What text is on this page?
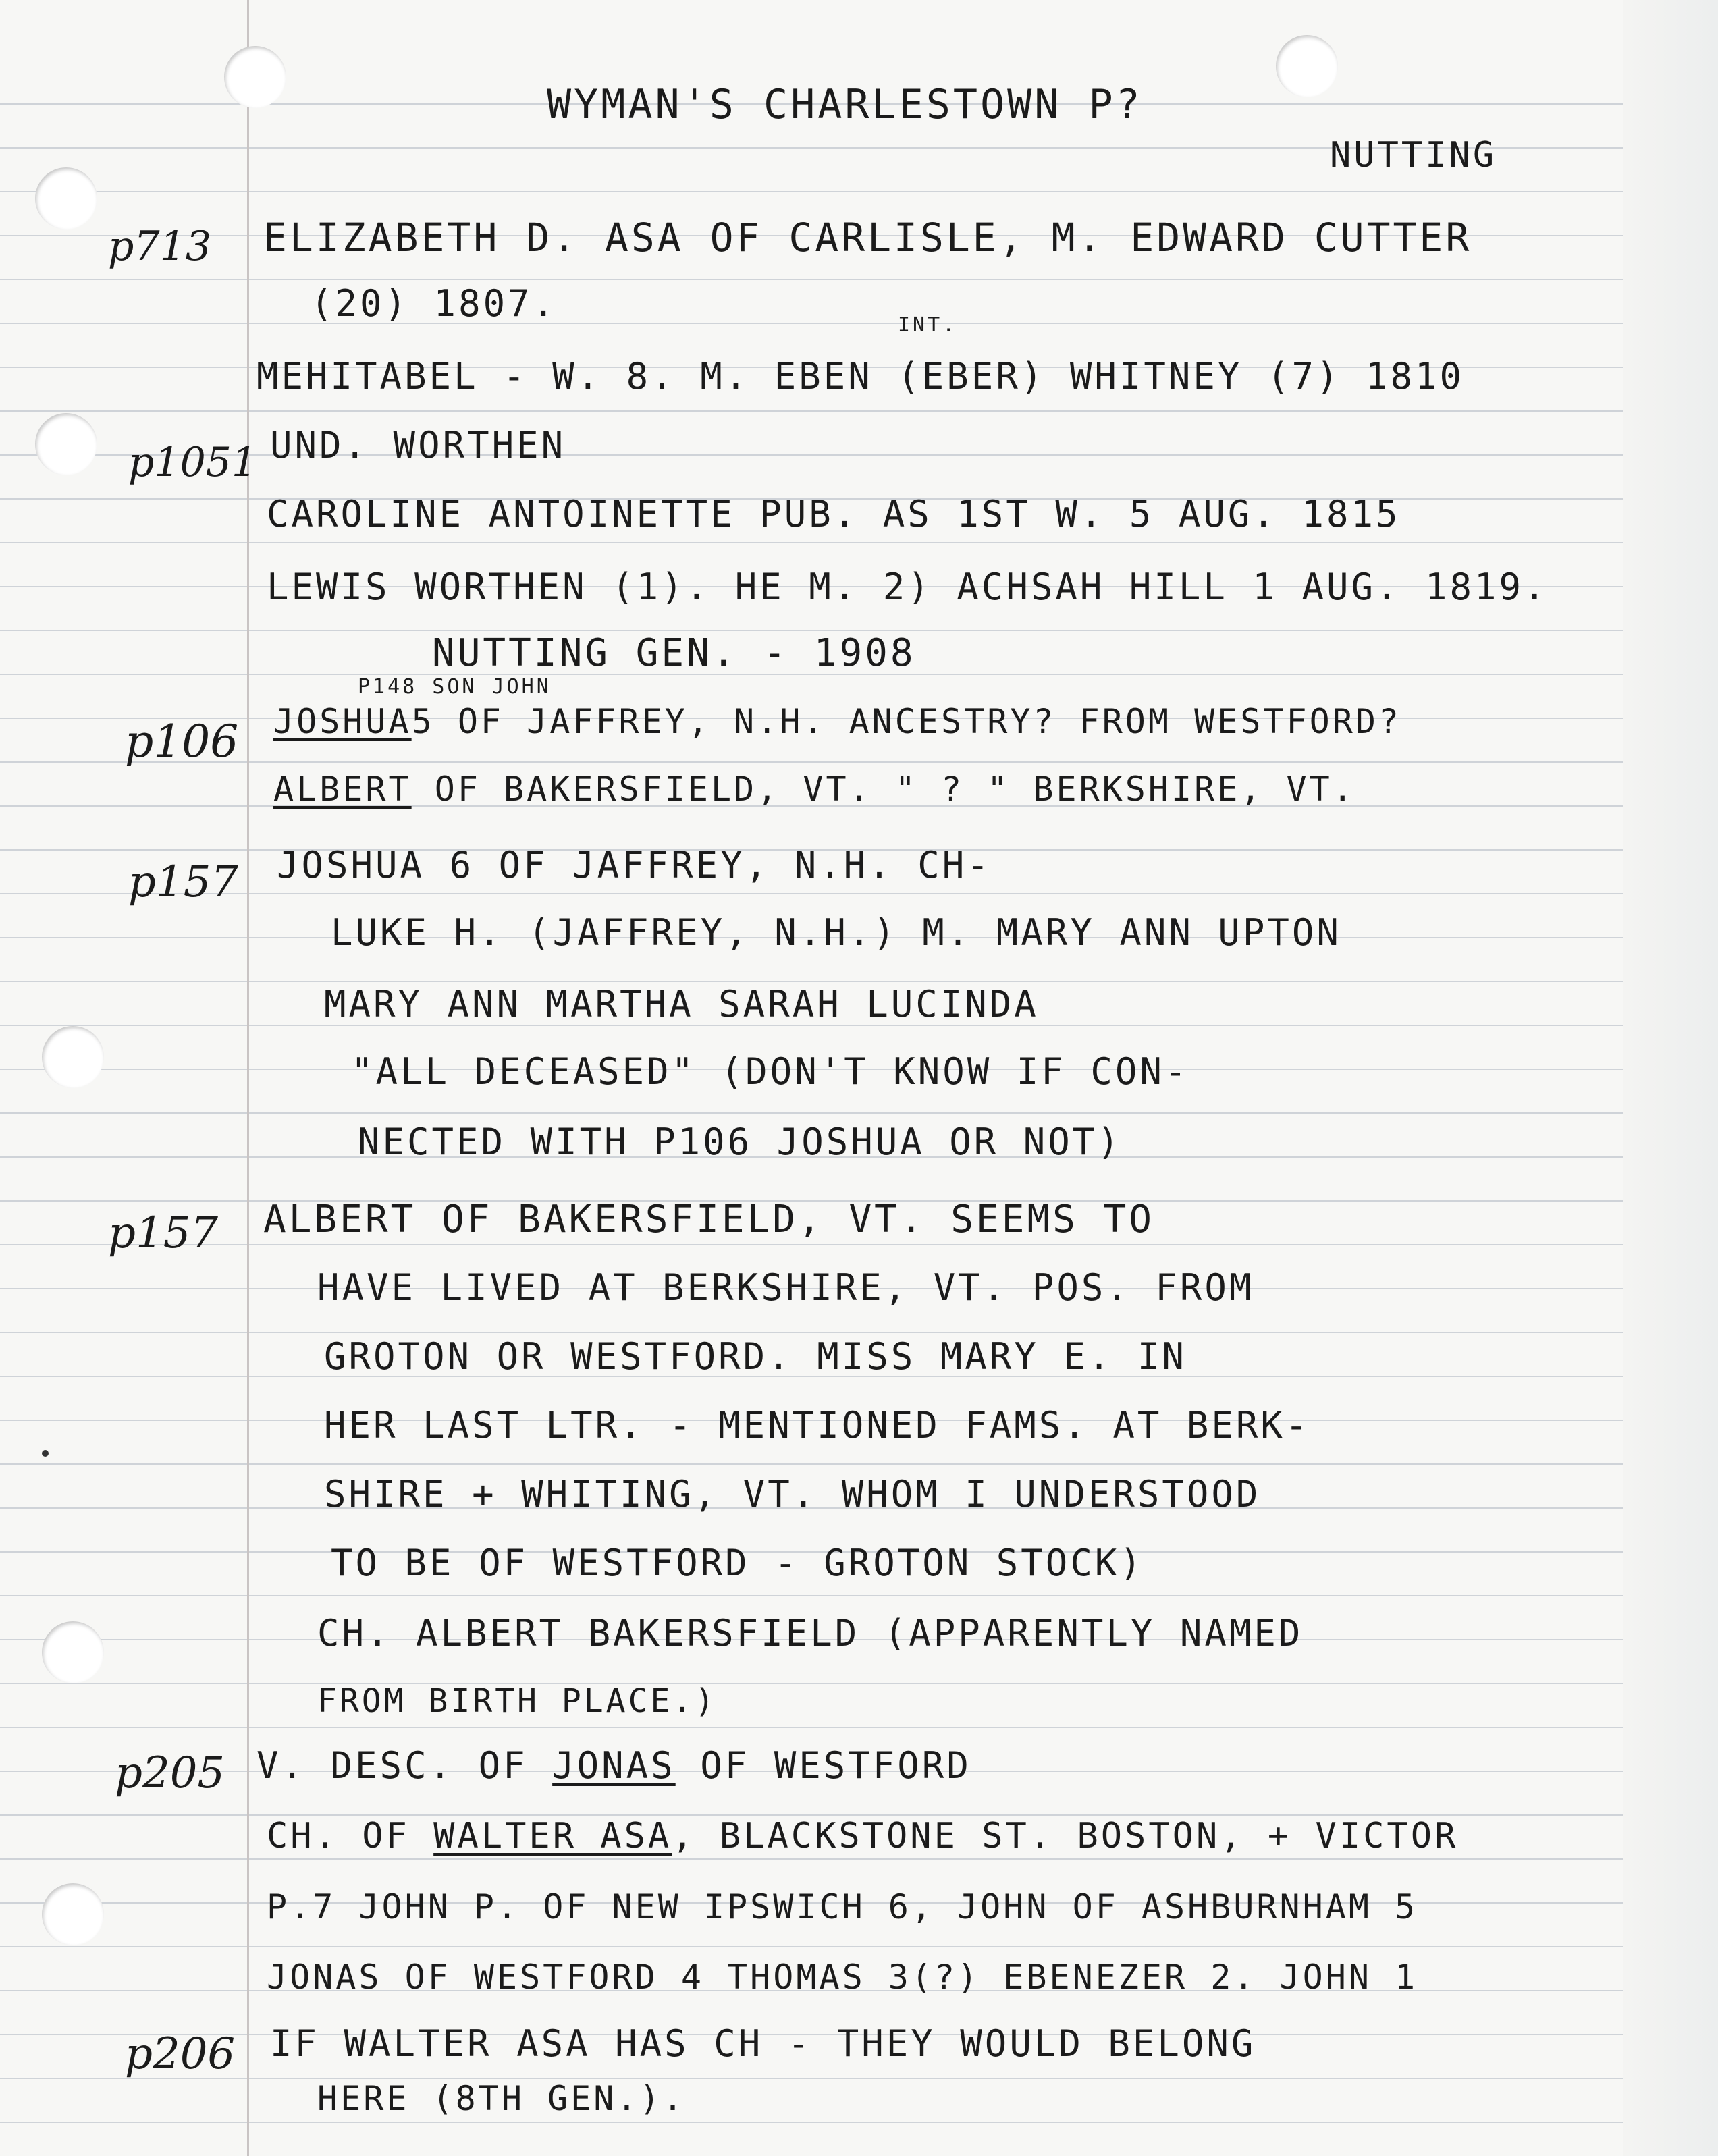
WYMAN'S CHARLESTOWN P?
NUTTING
p713 ELIZABETH D. ASA OF CARLISLE, M. EDWARD CUTTER
(20) 1807.
INT.
MEHITABEL - W. 8. M. EBEN (EBER) WHITNEY (7) 1810
p1051 UND. WORTHEN
CAROLINE ANTOINETTE PUB. AS 1ST W. 5 AUG. 1815
LEWIS WORTHEN (1). HE M. 2) ACHSAH HILL 1 AUG. 1819.
NUTTING GEN. - 1908
p106
P148 SON JOHN
JOSHUA5 OF JAFFREY, N.H. ANCESTRY? FROM WESTFORD?
ALBERT OF BAKERSFIELD, VT. " ? " BERKSHIRE, VT.
p157 JOSHUA 6 OF JAFFREY, N.H. CH-
LUKE H. (JAFFREY, N.H.) M. MARY ANN UPTON
MARY ANN MARTHA SARAH LUCINDA
"ALL DECEASED" (DON'T KNOW IF CON-
NECTED WITH P106 JOSHUA OR NOT)
p157 ALBERT OF BAKERSFIELD, VT. SEEMS TO
HAVE LIVED AT BERKSHIRE, VT. POS. FROM
GROTON OR WESTFORD. MISS MARY E. IN
HER LAST LTR. - MENTIONED FAMS. AT BERK-
SHIRE + WHITING, VT. WHOM I UNDERSTOOD
TO BE OF WESTFORD - GROTON STOCK)
CH. ALBERT BAKERSFIELD (APPARENTLY NAMED
FROM BIRTH PLACE.)
p205 V. DESC. OF JONAS OF WESTFORD
CH. OF WALTER ASA, BLACKSTONE ST. BOSTON, + VICTOR
P.7 JOHN P. OF NEW IPSWICH 6, JOHN OF ASHBURNHAM 5
JONAS OF WESTFORD 4 THOMAS 3(?) EBENEZER 2. JOHN 1
p206 IF WALTER ASA HAS CH - THEY WOULD BELONG
HERE (8TH GEN.).
